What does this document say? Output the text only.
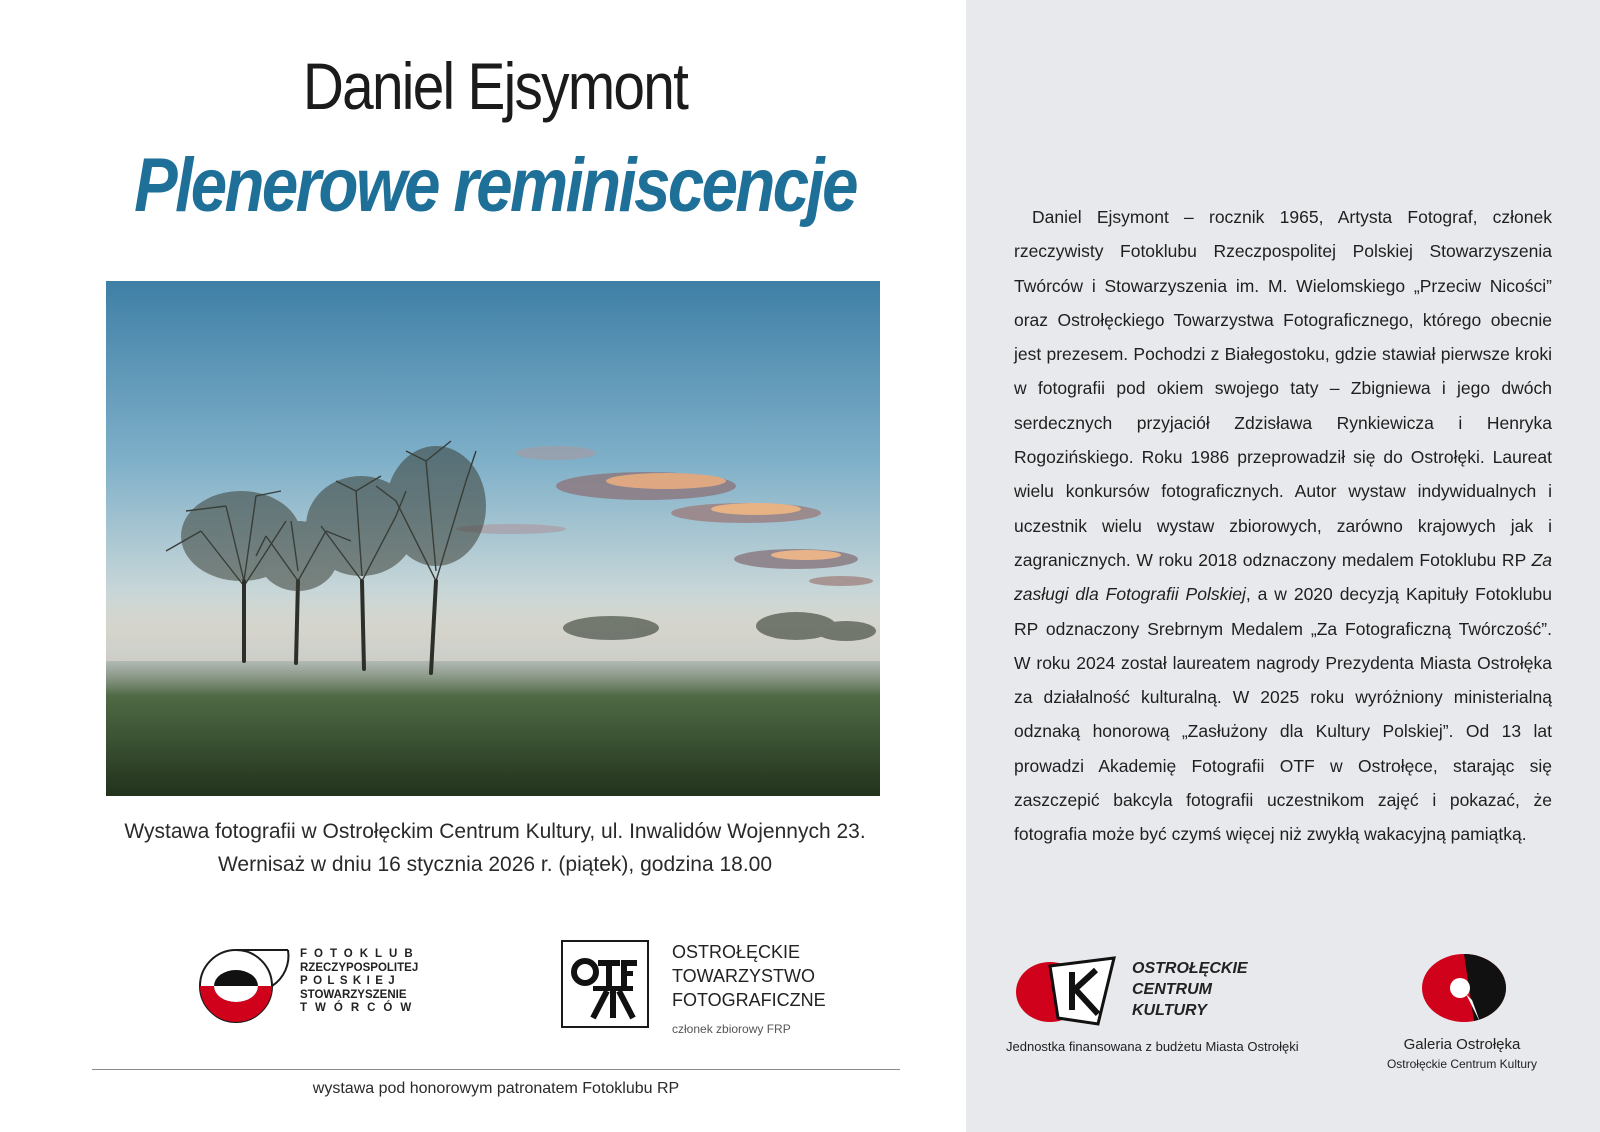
Daniel Ejsymont
Plenerowe reminiscencje
Wystawa fotografii w Ostrołęckim Centrum Kultury, ul. Inwalidów Wojennych 23.
Wernisaż w dniu 16 stycznia 2026 r. (piątek), godzina 18.00
FOTOKLUB
RZECZYPOSPOLITEJ
POLSKIEJ
STOWARZYSZENIE
TWÓRCÓW
OSTROŁĘCKIE
TOWARZYSTWO
FOTOGRAFICZNE
członek zbiorowy FRP
wystawa pod honorowym patronatem Fotoklubu RP

Daniel Ejsymont – rocznik 1965, Artysta Fotograf, członek rzeczywisty Fotoklubu Rzeczpospolitej Polskiej Stowarzyszenia Twórców i Stowarzyszenia im. M. Wielomskiego „Przeciw Nicości” oraz Ostrołęckiego Towarzystwa Fotograficznego, którego obecnie jest prezesem. Pochodzi z Białegostoku, gdzie stawiał pierwsze kroki w fotografii pod okiem swojego taty – Zbigniewa i jego dwóch serdecznych przyjaciół Zdzisława Rynkiewicza i Henryka Rogozińskiego. Roku 1986 przeprowadził się do Ostrołęki. Laureat wielu konkursów fotograficznych. Autor wystaw indywidualnych i uczestnik wielu wystaw zbiorowych, zarówno krajowych jak i zagranicznych. W roku 2018 odznaczony medalem Fotoklubu RP Za zasługi dla Fotografii Polskiej, a w 2020 decyzją Kapituły Fotoklubu RP odznaczony Srebrnym Medalem „Za Fotograficzną Twórczość”. W roku 2024 został laureatem nagrody Prezydenta Miasta Ostrołęka za działalność kulturalną. W 2025 roku wyróżniony ministerialną odznaką honorową „Zasłużony dla Kultury Polskiej”. Od 13 lat prowadzi Akademię Fotografii OTF w Ostrołęce, starając się zaszczepić bakcyla fotografii uczestnikom zajęć i pokazać, że fotografia może być czymś więcej niż zwykłą wakacyjną pamiątką.

OSTROŁĘCKIE
CENTRUM
KULTURY
Jednostka finansowana z budżetu Miasta Ostrołęki	Galeria Ostrołęka
Ostrołęckie Centrum Kultury
